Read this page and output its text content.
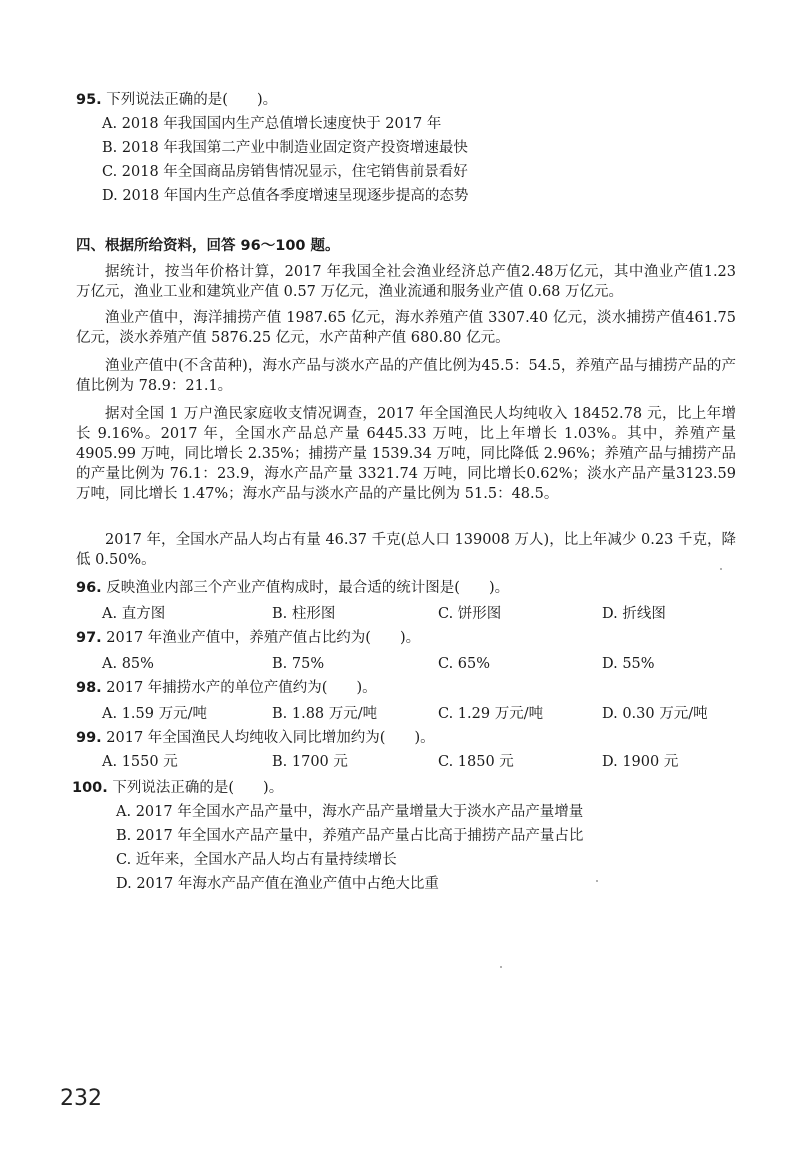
95. 下列说法正确的是(　　)。
A. 2018 年我国国内生产总值增长速度快于 2017 年
B. 2018 年我国第二产业中制造业固定资产投资增速最快
C. 2018 年全国商品房销售情况显示，住宅销售前景看好
D. 2018 年国内生产总值各季度增速呈现逐步提高的态势
四、根据所给资料，回答 96～100 题。
据统计，按当年价格计算，2017 年我国全社会渔业经济总产值2.48万亿元，其中渔业产值1.23 万亿元，渔业工业和建筑业产值 0.57 万亿元，渔业流通和服务业产值 0.68 万亿元。
渔业产值中，海洋捕捞产值 1987.65 亿元，海水养殖产值 3307.40 亿元，淡水捕捞产值461.75 亿元，淡水养殖产值 5876.25 亿元，水产苗种产值 680.80 亿元。
渔业产值中(不含苗种)，海水产品与淡水产品的产值比例为45.5：54.5，养殖产品与捕捞产品的产值比例为 78.9：21.1。
据对全国 1 万户渔民家庭收支情况调查，2017 年全国渔民人均纯收入 18452.78 元，比上年增长 9.16%。2017 年，全国水产品总产量 6445.33 万吨，比上年增长 1.03%。其中，养殖产量 4905.99 万吨，同比增长 2.35%；捕捞产量 1539.34 万吨，同比降低 2.96%；养殖产品与捕捞产品的产量比例为 76.1：23.9，海水产品产量 3321.74 万吨，同比增长0.62%；淡水产品产量3123.59 万吨，同比增长 1.47%；海水产品与淡水产品的产量比例为 51.5：48.5。
2017 年，全国水产品人均占有量 46.37 千克(总人口 139008 万人)，比上年减少 0.23 千克，降低 0.50%。
96. 反映渔业内部三个产业产值构成时，最合适的统计图是(　　)。
A. 直方图	B. 柱形图	C. 饼形图	D. 折线图
97. 2017 年渔业产值中，养殖产值占比约为(　　)。
A. 85%	B. 75%	C. 65%	D. 55%
98. 2017 年捕捞水产的单位产值约为(　　)。
A. 1.59 万元/吨	B. 1.88 万元/吨	C. 1.29 万元/吨	D. 0.30 万元/吨
99. 2017 年全国渔民人均纯收入同比增加约为(　　)。
A. 1550 元	B. 1700 元	C. 1850 元	D. 1900 元
100. 下列说法正确的是(　　)。
A. 2017 年全国水产品产量中，海水产品产量增量大于淡水产品产量增量
B. 2017 年全国水产品产量中，养殖产品产量占比高于捕捞产品产量占比
C. 近年来，全国水产品人均占有量持续增长
D. 2017 年海水产品产值在渔业产值中占绝大比重
232
